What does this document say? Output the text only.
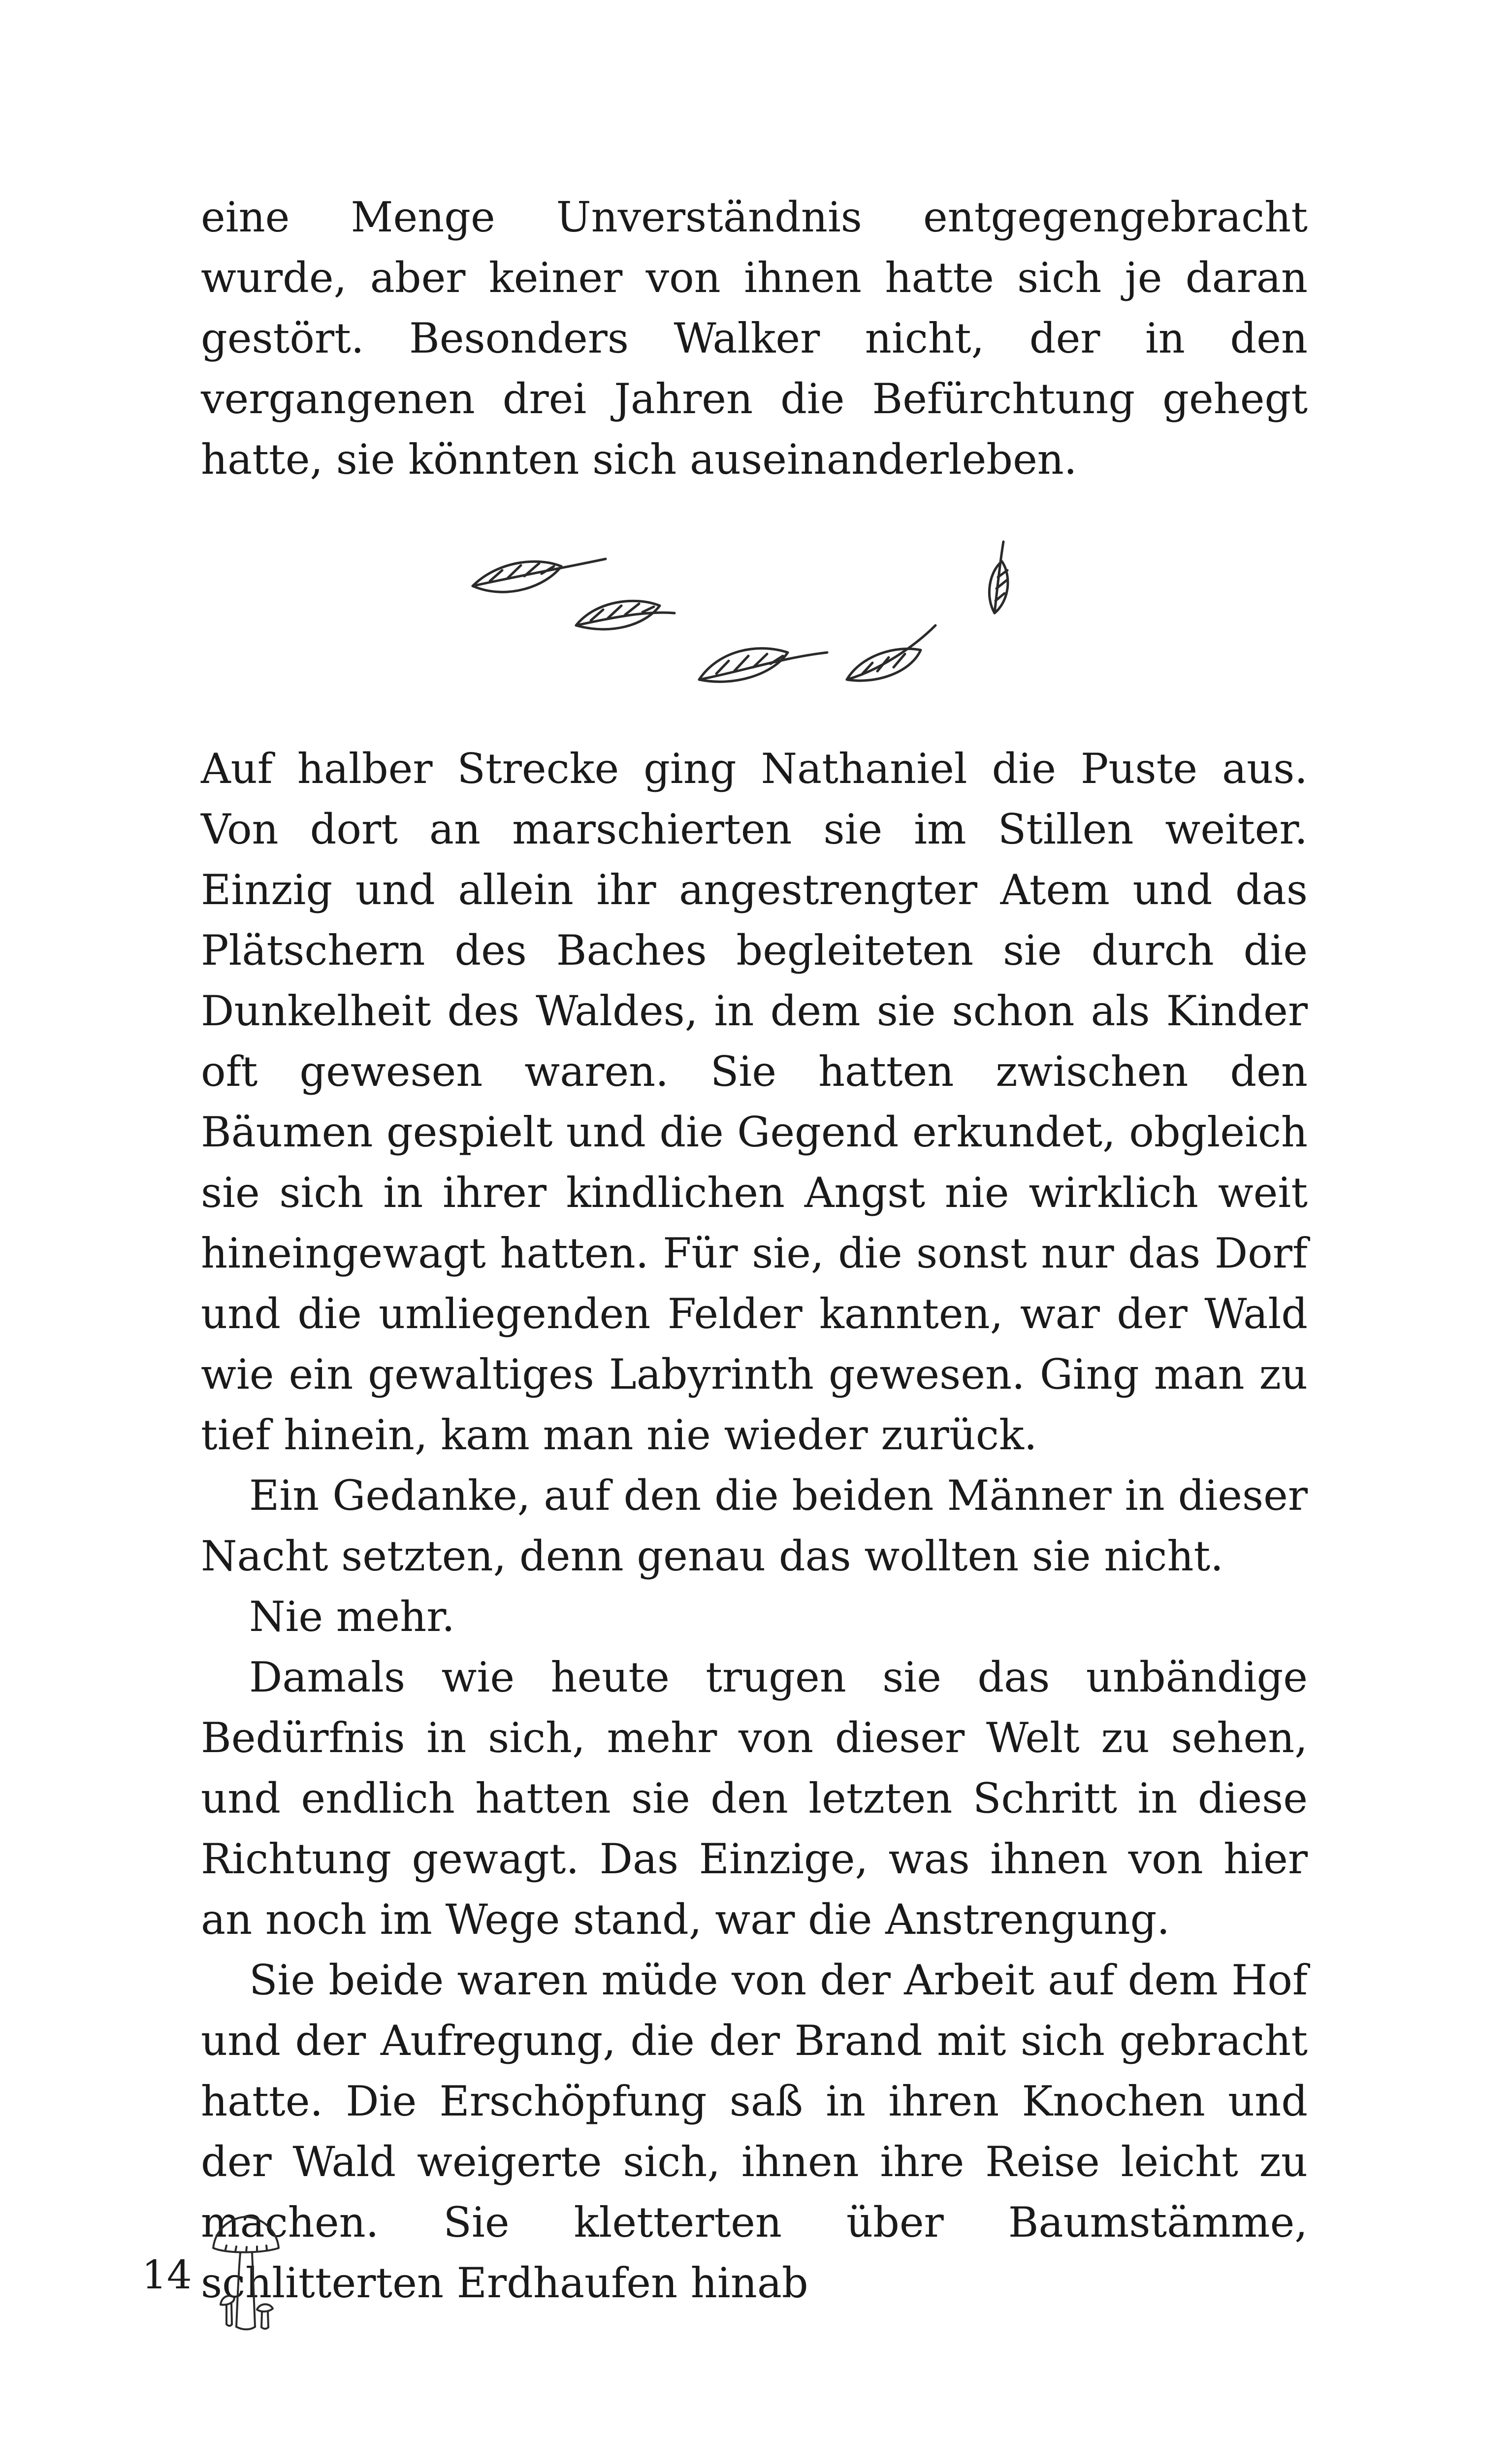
eine Menge Unverständnis entgegengebracht wurde, aber keiner von ihnen hatte sich je daran gestört. Besonders Walker nicht, der in den vergangenen drei Jahren die Befürchtung gehegt hatte, sie könnten sich auseinanderleben.

Auf halber Strecke ging Nathaniel die Puste aus. Von dort an marschierten sie im Stillen weiter. Einzig und allein ihr angestrengter Atem und das Plätschern des Baches begleiteten sie durch die Dunkelheit des Waldes, in dem sie schon als Kinder oft gewesen waren. Sie hatten zwischen den Bäumen gespielt und die Gegend erkundet, obgleich sie sich in ihrer kindlichen Angst nie wirklich weit hineingewagt hatten. Für sie, die sonst nur das Dorf und die umliegenden Felder kannten, war der Wald wie ein gewaltiges Labyrinth gewesen. Ging man zu tief hinein, kam man nie wieder zurück.

Ein Gedanke, auf den die beiden Männer in dieser Nacht setzten, denn genau das wollten sie nicht.

Nie mehr.

Damals wie heute trugen sie das unbändige Bedürfnis in sich, mehr von dieser Welt zu sehen, und endlich hatten sie den letzten Schritt in diese Richtung gewagt. Das Einzige, was ihnen von hier an noch im Wege stand, war die Anstrengung.

Sie beide waren müde von der Arbeit auf dem Hof und der Aufregung, die der Brand mit sich gebracht hatte. Die Erschöpfung saß in ihren Knochen und der Wald weigerte sich, ihnen ihre Reise leicht zu machen. Sie kletterten über Baumstämme, schlitterten Erdhaufen hinab

14
